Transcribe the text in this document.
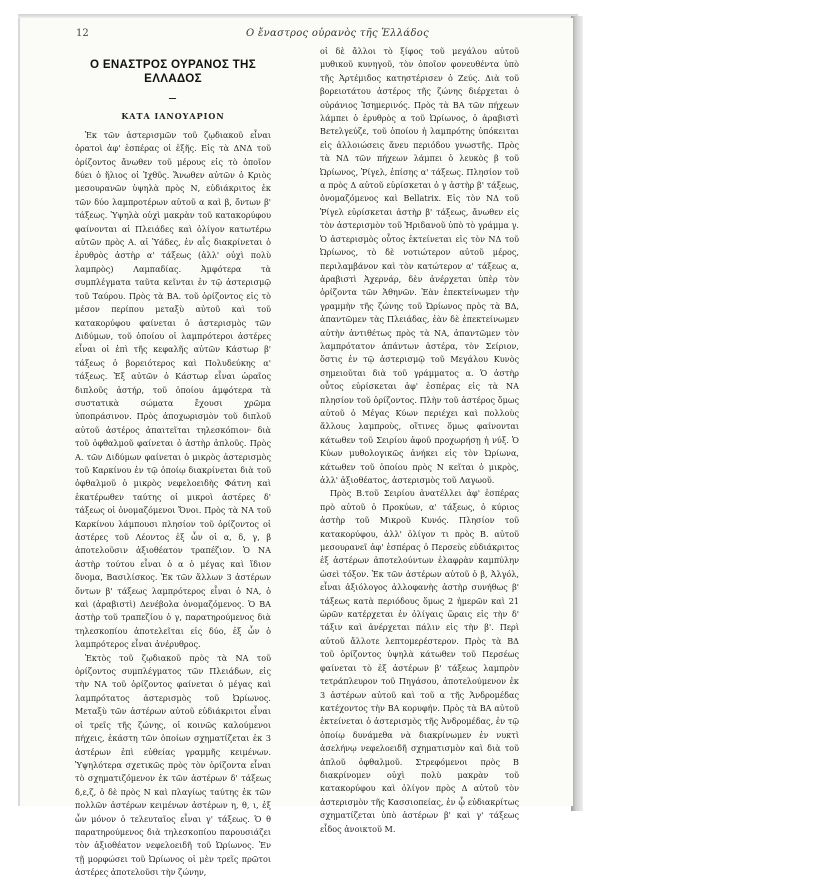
12	Ο ἔναστρος οὐρανὸς τῆς Ἑλλάδος
Ο ΕΝΑΣΤΡΟΣ ΟΥΡΑΝΟΣ ΤΗΣ ΕΛΛΑΔΟΣ
—
ΚΑΤΑ ΙΑΝΟΥΑΡΙΟΝ

Ἐκ τῶν ἀστερισμῶν τοῦ ζῳδιακοῦ εἶναι ὁρατοὶ ἀφ' ἑσπέρας οἱ ἑξῆς. Εἰς τὰ ΔΝΔ τοῦ ὁρίζοντος ἄνωθεν τοῦ μέρους εἰς τὸ ὁποῖον δύει ὁ ἥλιος οἱ Ἰχθῦς. Ἄνωθεν αὐτῶν ὁ Κριὸς μεσουρανῶν ὑψηλὰ πρὸς Ν, εὐδιάκριτος ἐκ τῶν δύο λαμπροτέρων αὐτοῦ α καὶ β, ὄντων β' τάξεως. Ὑψηλὰ οὐχὶ μακρὰν τοῦ κατακορύφου φαίνονται αἱ Πλειάδες καὶ ὀλίγον κατωτέρω αὐτῶν πρὸς Α. αἱ Ὑάδες, ἐν αἷς διακρίνεται ὁ ἐρυθρὸς ἀστὴρ α' τάξεως (ἀλλ' οὐχὶ πολὺ λαμπρὸς) Λαμπαδίας. Ἀμφότερα τὰ συμπλέγματα ταῦτα κεῖνται ἐν τῷ ἀστερισμῷ τοῦ Ταύρου. Πρὸς τὰ ΒΑ. τοῦ ὁρίζοντος εἰς τὸ μέσον περίπου μεταξὺ αὐτοῦ καὶ τοῦ κατακορύφου φαίνεται ὁ ἀστερισμὸς τῶν Διδύμων, τοῦ ὁποίου οἱ λαμπρότεροι ἀστέρες εἶναι οἱ ἐπὶ τῆς κεφαλῆς αὐτῶν Κάστωρ β' τάξεως ὁ βορειότερος καὶ Πολυδεύκης α' τάξεως. Ἐξ αὐτῶν ὁ Κάστωρ εἶναι ὡραῖος διπλοῦς ἀστήρ, τοῦ ὁποίου ἀμφότερα τὰ συστατικὰ σώματα ἔχουσι χρῶμα ὑποπράσινον. Πρὸς ἀποχωρισμὸν τοῦ διπλοῦ αὐτοῦ ἀστέρος ἀπαιτεῖται τηλεσκόπιον· διὰ τοῦ ὀφθαλμοῦ φαίνεται ὁ ἀστὴρ ἁπλοῦς. Πρὸς Α. τῶν Διδύμων φαίνεται ὁ μικρὸς ἀστερισμὸς τοῦ Καρκίνου ἐν τῷ ὁποίῳ διακρίνεται διὰ τοῦ ὀφθαλμοῦ ὁ μικρὸς νεφελοειδὴς Φάτνη καὶ ἑκατέρωθεν ταύτης οἱ μικροὶ ἀστέρες δ' τάξεως οἱ ὀνομαζόμενοι Ὄνοι. Πρὸς τὰ ΝΑ τοῦ Καρκίνου λάμπουσι πλησίον τοῦ ὁρίζοντος οἱ ἀστέρες τοῦ Λέοντος ἐξ ὧν οἱ α, δ, γ, β ἀποτελοῦσιν ἀξιοθέατον τραπέζιον. Ὁ ΝΑ ἀστὴρ τούτου εἶναι ὁ α ὁ μέγας καὶ ἴδιον ὄνομα, Βασιλίσκος. Ἐκ τῶν ἄλλων 3 ἀστέρων ὄντων β' τάξεως λαμπρότερος εἶναι ὁ ΝΑ, ὁ καὶ (ἀραβιστὶ) Δενέβολα ὀνομαζόμενος. Ὁ ΒΑ ἀστὴρ τοῦ τραπεζίου ὁ γ, παρατηρούμενος διὰ τηλεσκοπίου ἀποτελεῖται εἰς δύο, ἐξ ὧν ὁ λαμπρότερος εἶναι ἀνέρυθρος.

Ἐκτὸς τοῦ ζῳδιακοῦ πρὸς τὰ ΝΑ τοῦ ὁρίζοντος συμπλέγματος τῶν Πλειάδων, εἰς τὴν ΝΑ τοῦ ὁρίζοντος φαίνεται ὁ μέγας καὶ λαμπρότατος ἀστερισμὸς τοῦ Ὠρίωνος. Μεταξὺ τῶν ἀστέρων αὐτοῦ εὐδιάκριτοι εἶναι οἱ τρεῖς τῆς ζώνης, οἱ κοινῶς καλούμενοι πήχεις, ἑκάστη τῶν ὁποίων σχηματίζεται ἐκ 3 ἀστέρων ἐπὶ εὐθείας γραμμῆς κειμένων. Ὑψηλότερα σχετικῶς πρὸς τὸν ὁρίζοντα εἶναι τὸ σχηματιζόμενον ἐκ τῶν ἀστέρων δ' τάξεως δ,ε,ζ, ὁ δὲ πρὸς Ν καὶ πλαγίως ταύτης ἐκ τῶν πολλῶν ἀστέρων κειμένων ἀστέρων η, θ, ι, ἐξ ὧν μόνον ὁ τελευταῖος εἶναι γ' τάξεως. Ὁ θ παρατηρούμενος διὰ τηλεσκοπίου παρουσιάζει τὸν ἀξιοθέατον νεφελοειδῆ τοῦ Ὠρίωνος. Ἐν τῇ μορφώσει τοῦ Ὠρίωνος οἱ μὲν τρεῖς πρῶτοι ἀστέρες ἀποτελοῦσι τὴν ζώνην,

οἱ δὲ ἄλλοι τὸ ξίφος τοῦ μεγάλου αὐτοῦ μυθικοῦ κυνηγοῦ, τὸν ὁποῖον φονευθέντα ὑπὸ τῆς Ἀρτέμιδος κατηστέρισεν ὁ Ζεύς. Διὰ τοῦ βορειοτάτου ἀστέρος τῆς ζώνης διέρχεται ὁ οὐράνιος Ἰσημερινός. Πρὸς τὰ ΒΑ τῶν πήχεων λάμπει ὁ ἐρυθρὸς α τοῦ Ὠρίωνος, ὁ ἀραβιστὶ Βετελγεύζε, τοῦ ὁποίου ἡ λαμπρότης ὑπόκειται εἰς ἀλλοιώσεις ἄνευ περιόδου γνωστῆς. Πρὸς τὰ ΝΔ τῶν πήχεων λάμπει ὁ λευκὸς β τοῦ Ὠρίωνος, Ῥίγελ, ἐπίσης α' τάξεως. Πλησίον τοῦ α πρὸς Δ αὐτοῦ εὑρίσκεται ὁ γ ἀστὴρ β' τάξεως, ὀνομαζόμενος καὶ Bellatrix. Εἰς τὸν ΝΔ τοῦ Ῥίγελ εὑρίσκεται ἀστὴρ β' τάξεως, ἄνωθεν εἰς τὸν ἀστερισμὸν τοῦ Ἠριδανοῦ ὑπὸ τὸ γράμμα γ. Ὁ ἀστερισμὸς οὗτος ἐκτείνεται εἰς τὸν ΝΔ τοῦ Ὠρίωνος, τὸ δὲ νοτιώτερον αὐτοῦ μέρος, περιλαμβάνον καὶ τὸν κατώτερον α' τάξεως α, ἀραβιστὶ Ἀχερνάρ, δὲν ἀνέρχεται ὑπὲρ τὸν ὁρίζοντα τῶν Ἀθηνῶν. Ἐὰν ἐπεκτείνωμεν τὴν γραμμὴν τῆς ζώνης τοῦ Ὠρίωνος πρὸς τὰ ΒΔ, ἀπαντῶμεν τὰς Πλειάδας, ἐὰν δὲ ἐπεκτείνωμεν αὐτὴν ἀντιθέτως πρὸς τὰ ΝΑ, ἀπαντῶμεν τὸν λαμπρότατον ἁπάντων ἀστέρα, τὸν Σείριον, ὅστις ἐν τῷ ἀστερισμῷ τοῦ Μεγάλου Κυνὸς σημειοῦται διὰ τοῦ γράμματος α. Ὁ ἀστὴρ οὗτος εὑρίσκεται ἀφ' ἑσπέρας εἰς τὰ ΝΑ πλησίον τοῦ ὁρίζοντος. Πλὴν τοῦ ἀστέρος ὅμως αὐτοῦ ὁ Μέγας Κύων περιέχει καὶ πολλοὺς ἄλλους λαμπροὺς, οἵτινες ὅμως φαίνονται κάτωθεν τοῦ Σειρίου ἀφοῦ προχωρήσῃ ἡ νύξ. Ὁ Κύων μυθολογικῶς ἀνήκει εἰς τὸν Ὠρίωνα, κάτωθεν τοῦ ὁποίου πρὸς Ν κεῖται ὁ μικρὸς, ἀλλ' ἀξιοθέατος, ἀστερισμὸς τοῦ Λαγωοῦ.

Πρὸς Β.τοῦ Σειρίου ἀνατέλλει ἀφ' ἑσπέρας πρὸ αὐτοῦ ὁ Προκύων, α' τάξεως, ὁ κύριος ἀστὴρ τοῦ Μικροῦ Κυνός. Πλησίον τοῦ κατακορύφου, ἀλλ' ὀλίγον τι πρὸς Β. αὐτοῦ μεσουρανεῖ ἀφ' ἑσπέρας ὁ Περσεὺς εὐδιάκριτος ἐξ ἀστέρων ἀποτελούντων ἐλαφρὰν καμπύλην ὡσεὶ τόξον. Ἐκ τῶν ἀστέρων αὐτοῦ ὁ β, Ἀλγόλ, εἶναι ἀξιόλογος ἀλλοφανὴς ἀστὴρ συνήθως β' τάξεως κατὰ περιόδους ὅμως 2 ἡμερῶν καὶ 21 ὡρῶν κατέρχεται ἐν ὀλίγαις ὥραις εἰς τὴν δ' τάξιν καὶ ἀνέρχεται πάλιν εἰς τὴν β'. Περὶ αὐτοῦ ἄλλοτε λεπτομερέστερον. Πρὸς τὰ ΒΔ τοῦ ὁρίζοντος ὑψηλὰ κάτωθεν τοῦ Περσέως φαίνεται τὸ ἐξ ἀστέρων β' τάξεως λαμπρὸν τετράπλευρον τοῦ Πηγάσου, ἀποτελούμενον ἐκ 3 ἀστέρων αὐτοῦ καὶ τοῦ α τῆς Ἀνδρομέδας κατέχοντος τὴν ΒΑ κορυφήν. Πρὸς τὰ ΒΑ αὐτοῦ ἐκτείνεται ὁ ἀστερισμὸς τῆς Ἀνδρομέδας, ἐν τῷ ὁποίῳ δυνάμεθα νὰ διακρίνωμεν ἐν νυκτὶ ἀσελήνῳ νεφελοειδῆ σχηματισμὸν καὶ διὰ τοῦ ἁπλοῦ ὀφθαλμοῦ. Στρεφόμενοι πρὸς Β διακρίνομεν οὐχὶ πολὺ μακρὰν τοῦ κατακορύφου καὶ ὀλίγον πρὸς Δ αὐτοῦ τὸν ἀστερισμὸν τῆς Κασσιοπείας, ἐν ᾧ εὐδιακρίτως σχηματίζεται ὑπὸ ἀστέρων β' καὶ γ' τάξεως εἶδος ἀνοικτοῦ Μ.
